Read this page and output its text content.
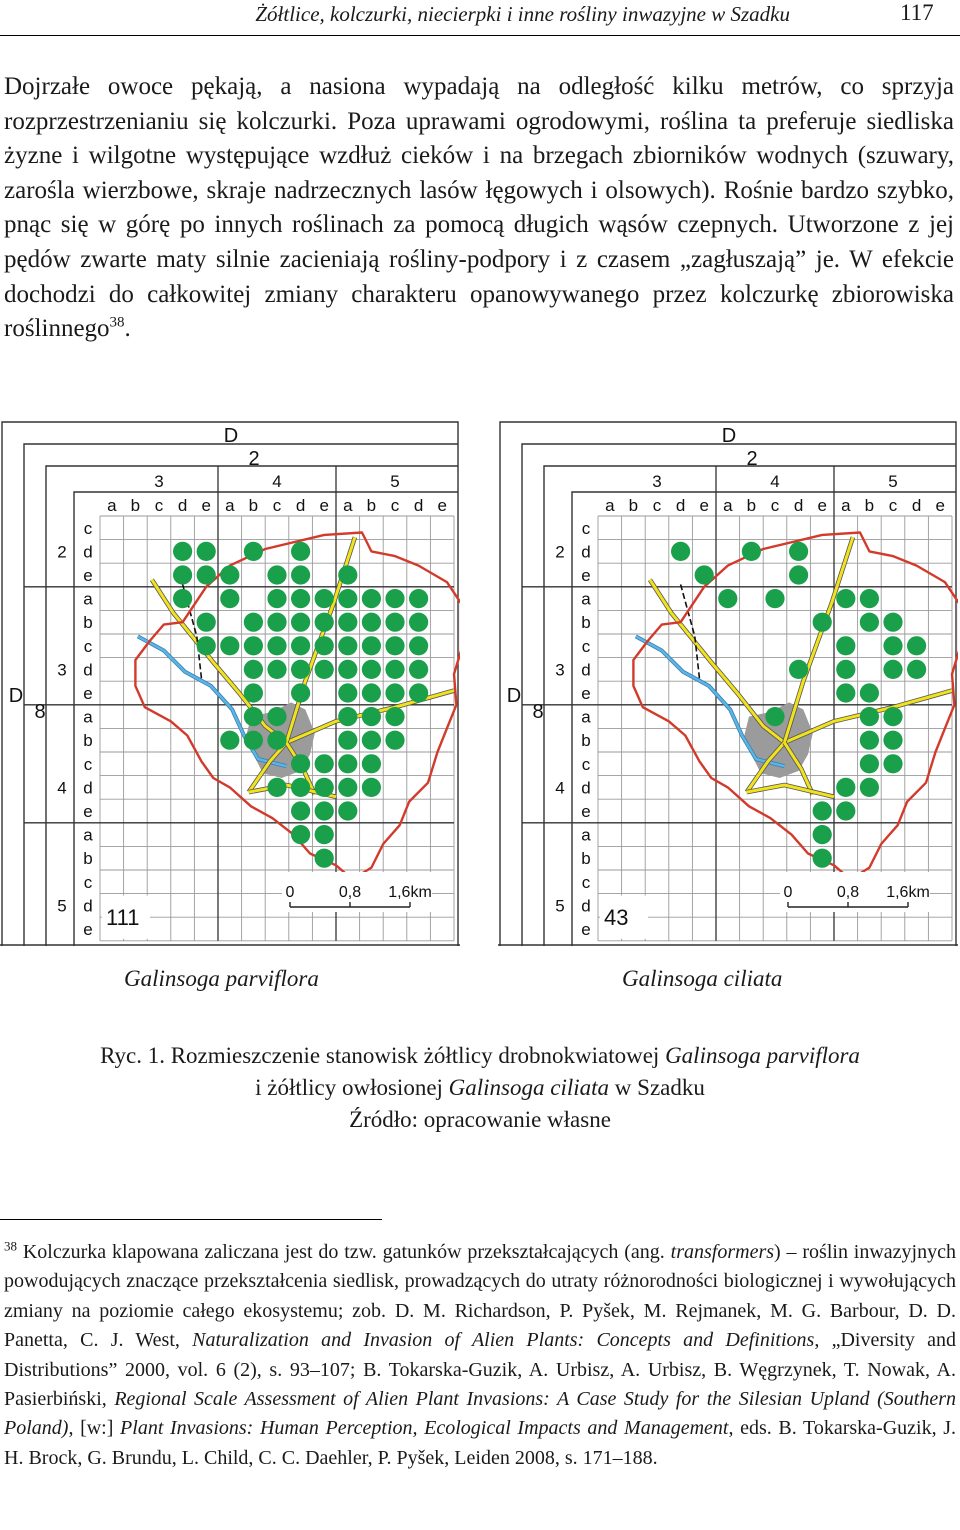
Żółtlice, kolczurki, niecierpki i inne rośliny inwazyjne w Szadku	117

Dojrzałe owoce pękają, a nasiona wypadają na odległość kilku metrów, co sprzyja rozprzestrzenianiu się kolczurki. Poza uprawami ogrodowymi, roślina ta preferuje siedliska żyzne i wilgotne występujące wzdłuż cieków i na brzegach zbiorników wodnych (szuwary, zarośla wierzbowe, skraje nadrzecznych lasów łęgowych i olsowych). Rośnie bardzo szybko, pnąc się w górę po innych roślinach za pomocą długich wąsów czepnych. Utworzone z jej pędów zwarte maty silnie zacieniają rośliny-podpory i z czasem „zagłuszają” je. W efekcie dochodzi do całkowitej zmiany charakteru opanowywanego przez kolczurkę zbiorowiska roślinnego$^{38}$.

D
2
3	4	5
a b c d e a b c d e a b c d e
D
8
2
3
4
5
c
d
e
a
b
c
d
e
a
b
c
d
e
a
b
c
d
e 111
0	0,8 1,6km
D
2
3	4	5
a b c d e a b c d e a b c d e
D
8
2
3
4
5
c
d
e
a
b
c
d
e
a
b
c
d
e
a
b
c
d
e 43
0	0,8 1,6km
Galinsoga parviflora	Galinsoga ciliata

Ryc. 1. Rozmieszczenie stanowisk żółtlicy drobnokwiatowej Galinsoga parviflora

i żółtlicy owłosionej Galinsoga ciliata w Szadku

Źródło: opracowanie własne

$^{38}$ Kolczurka klapowana zaliczana jest do tzw. gatunków przekształcających (ang. transformers) – roślin inwazyjnych powodujących znaczące przekształcenia siedlisk, prowadzących do utraty różnorodności biologicznej i wywołujących zmiany na poziomie całego ekosystemu; zob. D. M. Richardson, P. Pyšek, M. Rejmanek, M. G. Barbour, D. D. Panetta, C. J. West, Naturalization and Invasion of Alien Plants: Concepts and Definitions, „Diversity and Distributions” 2000, vol. 6 (2), s. 93–107; B. Tokarska-Guzik, A. Urbisz, A. Urbisz, B. Węgrzynek, T. Nowak, A. Pasierbiński, Regional Scale Assessment of Alien Plant Invasions: A Case Study for the Silesian Upland (Southern Poland), [w:] Plant Invasions: Human Perception, Ecological Impacts and Management, eds. B. Tokarska-Guzik, J. H. Brock, G. Brundu, L. Child, C. C. Daehler, P. Pyšek, Leiden 2008, s. 171–188.
